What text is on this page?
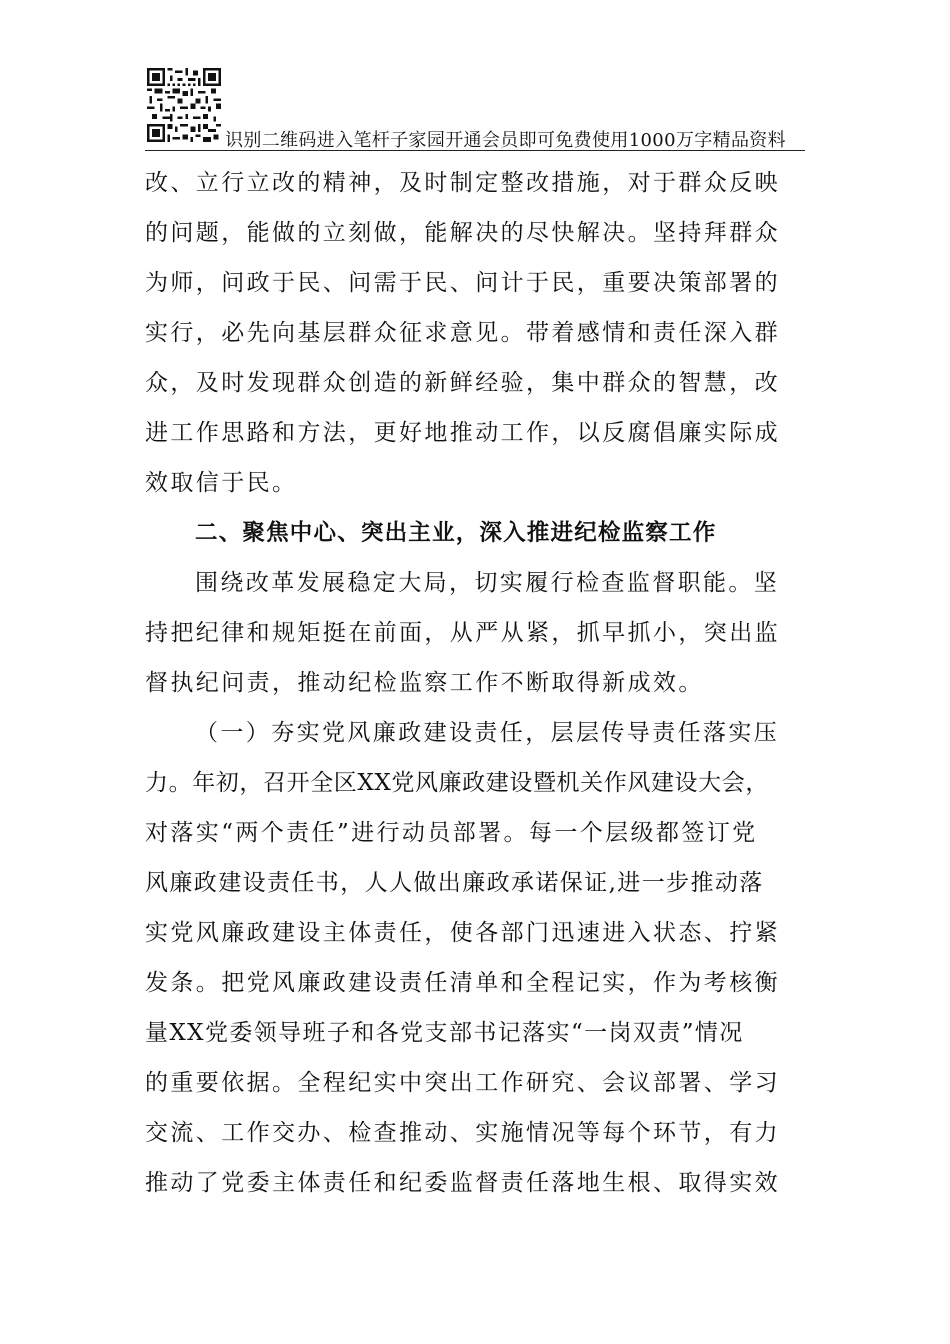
识别二维码进入笔杆子家园开通会员即可免费使用1000万字精品资料
改、立行立改的精神，及时制定整改措施，对于群众反映
的问题，能做的立刻做，能解决的尽快解决。坚持拜群众
为师，问政于民、问需于民、问计于民，重要决策部署的
实行，必先向基层群众征求意见。带着感情和责任深入群
众，及时发现群众创造的新鲜经验，集中群众的智慧，改
进工作思路和方法，更好地推动工作，以反腐倡廉实际成
效取信于民。
二、聚焦中心、突出主业，深入推进纪检监察工作
围绕改革发展稳定大局，切实履行检查监督职能。坚
持把纪律和规矩挺在前面，从严从紧，抓早抓小，突出监
督执纪问责，推动纪检监察工作不断取得新成效。
（一）夯实党风廉政建设责任，层层传导责任落实压
力。年初，召开全区XX党风廉政建设暨机关作风建设大会，
对落实“两个责任”进行动员部署。每一个层级都签订党
风廉政建设责任书，人人做出廉政承诺保证,进一步推动落
实党风廉政建设主体责任，使各部门迅速进入状态、拧紧
发条。把党风廉政建设责任清单和全程记实，作为考核衡
量XX党委领导班子和各党支部书记落实“一岗双责”情况
的重要依据。全程纪实中突出工作研究、会议部署、学习
交流、工作交办、检查推动、实施情况等每个环节，有力
推动了党委主体责任和纪委监督责任落地生根、取得实效
